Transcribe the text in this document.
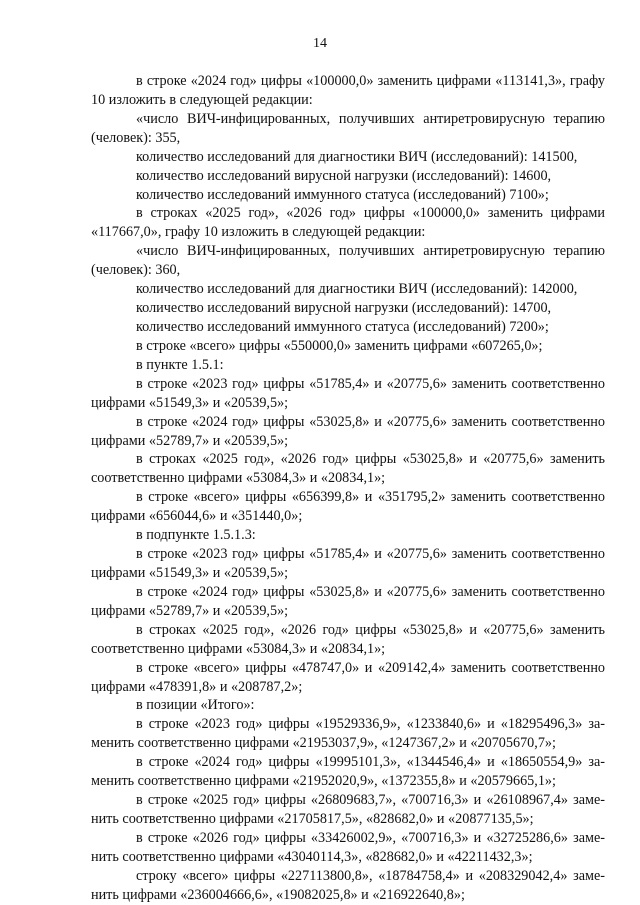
14
в строке «2024 год» цифры «100000,0» заменить цифрами «113141,3», графу
10 изложить в следующей редакции:
«число ВИЧ-инфицированных, получивших антиретровирусную терапию
(человек): 355,
количество исследований для диагностики ВИЧ (исследований): 141500,
количество исследований вирусной нагрузки (исследований): 14600,
количество исследований иммунного статуса (исследований) 7100»;
в строках «2025 год», «2026 год» цифры «100000,0» заменить цифрами
«117667,0», графу 10 изложить в следующей редакции:
«число ВИЧ-инфицированных, получивших антиретровирусную терапию
(человек): 360,
количество исследований для диагностики ВИЧ (исследований): 142000,
количество исследований вирусной нагрузки (исследований): 14700,
количество исследований иммунного статуса (исследований) 7200»;
в строке «всего» цифры «550000,0» заменить цифрами «607265,0»;
в пункте 1.5.1:
в строке «2023 год» цифры «51785,4» и «20775,6» заменить соответственно
цифрами «51549,3» и «20539,5»;
в строке «2024 год» цифры «53025,8» и «20775,6» заменить соответственно
цифрами «52789,7» и «20539,5»;
в строках «2025 год», «2026 год» цифры «53025,8» и «20775,6» заменить
соответственно цифрами «53084,3» и «20834,1»;
в строке «всего» цифры «656399,8» и «351795,2» заменить соответственно
цифрами «656044,6» и «351440,0»;
в подпункте 1.5.1.3:
в строке «2023 год» цифры «51785,4» и «20775,6» заменить соответственно
цифрами «51549,3» и «20539,5»;
в строке «2024 год» цифры «53025,8» и «20775,6» заменить соответственно
цифрами «52789,7» и «20539,5»;
в строках «2025 год», «2026 год» цифры «53025,8» и «20775,6» заменить
соответственно цифрами «53084,3» и «20834,1»;
в строке «всего» цифры «478747,0» и «209142,4» заменить соответственно
цифрами «478391,8» и «208787,2»;
в позиции «Итого»:
в строке «2023 год» цифры «19529336,9», «1233840,6» и «18295496,3» за-
менить соответственно цифрами «21953037,9», «1247367,2» и «20705670,7»;
в строке «2024 год» цифры «19995101,3», «1344546,4» и «18650554,9» за-
менить соответственно цифрами «21952020,9», «1372355,8» и «20579665,1»;
в строке «2025 год» цифры «26809683,7», «700716,3» и «26108967,4» заме-
нить соответственно цифрами «21705817,5», «828682,0» и «20877135,5»;
в строке «2026 год» цифры «33426002,9», «700716,3» и «32725286,6» заме-
нить соответственно цифрами «43040114,3», «828682,0» и «42211432,3»;
строку «всего» цифры «227113800,8», «18784758,4» и «208329042,4» заме-
нить цифрами «236004666,6», «19082025,8» и «216922640,8»;
